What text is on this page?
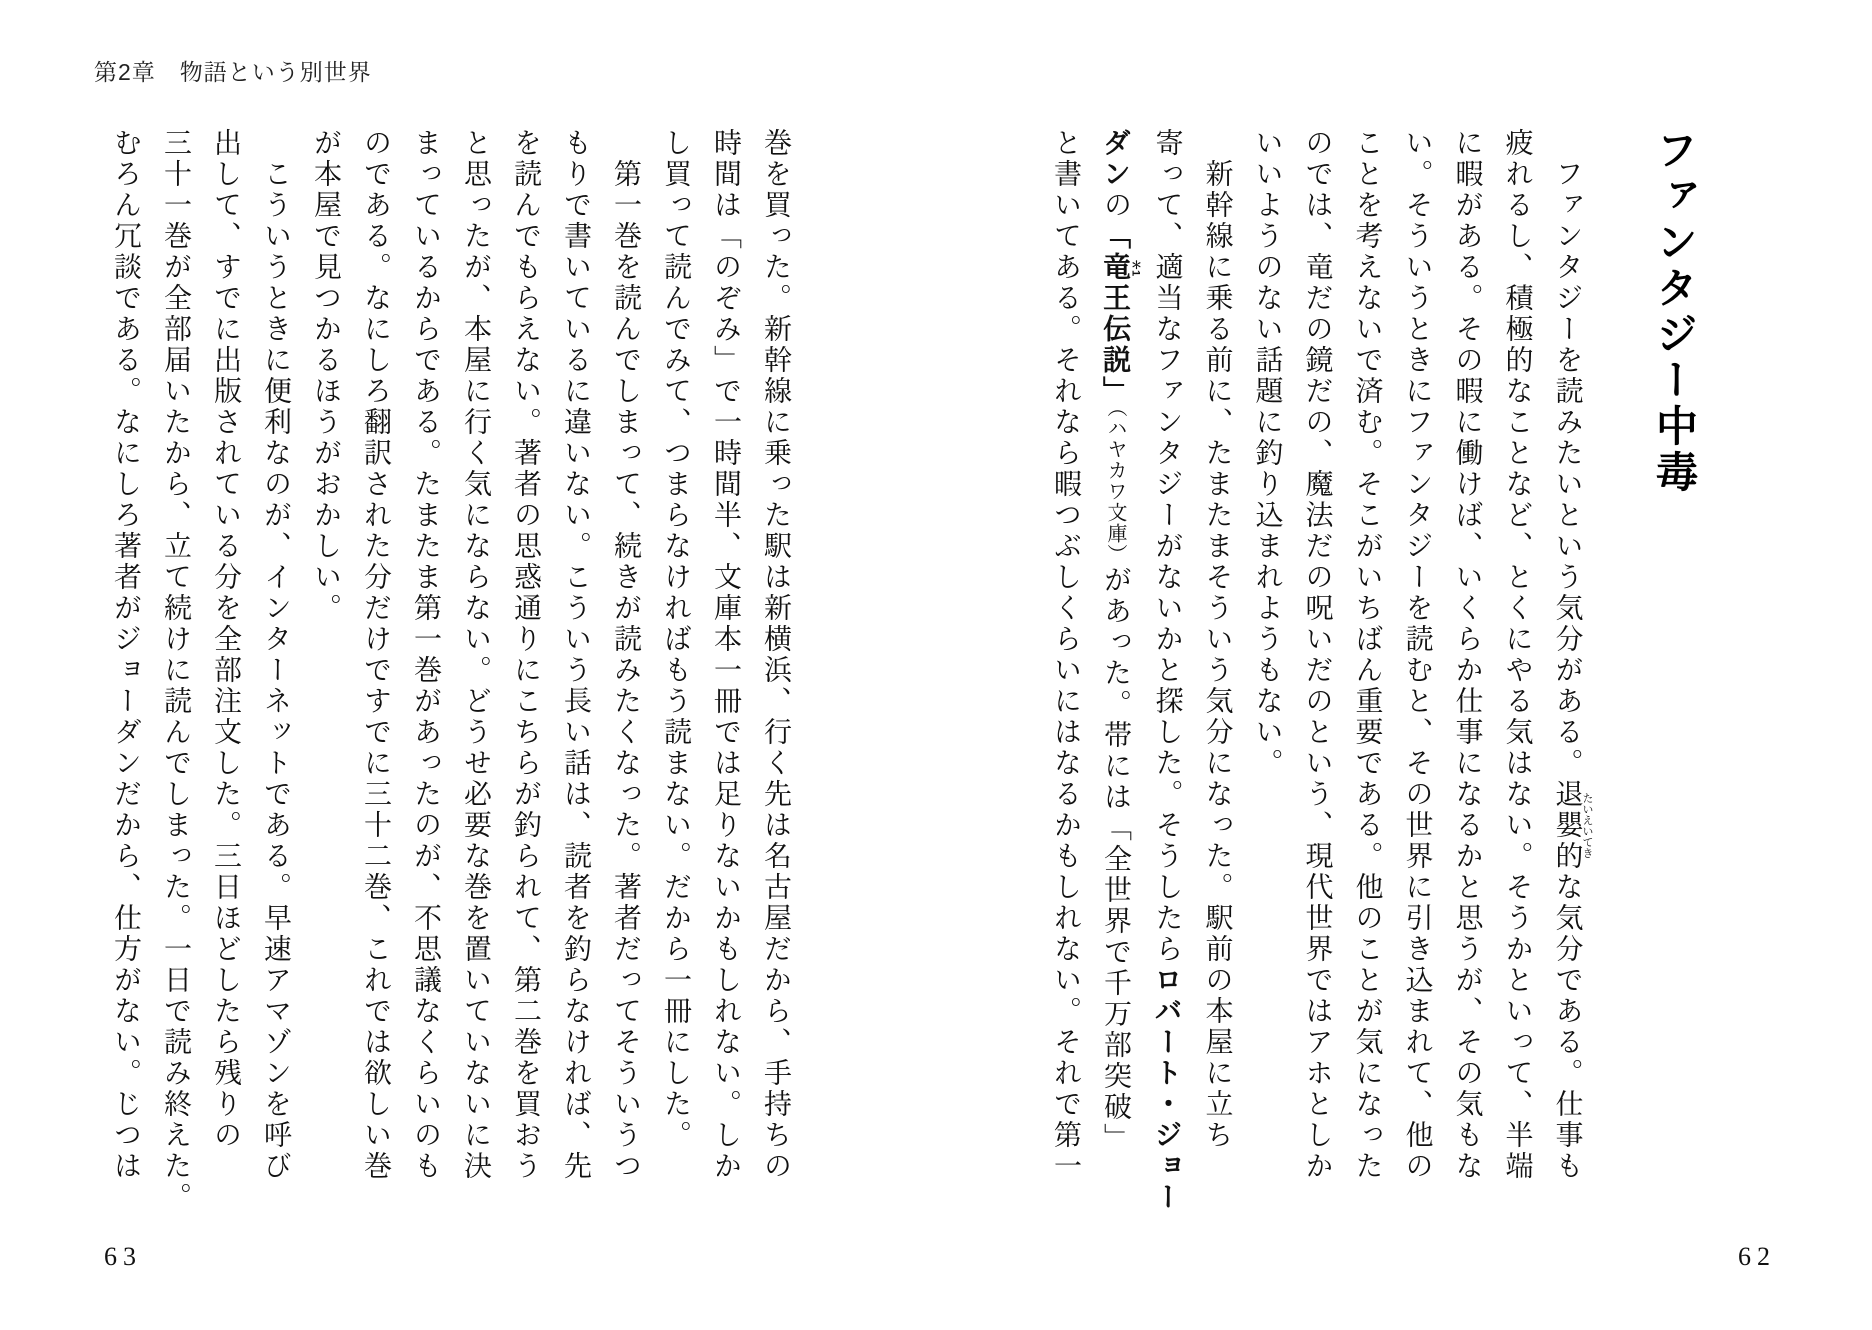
第2章　物語という別世界
ファンタジー中毒
　ファンタジーを読みたいという気分がある。退嬰的たいえいてきな気分である。仕事も
疲れるし、積極的なことなど、とくにやる気はない。そうかといって、半端
に暇がある。その暇に働けば、いくらか仕事になるかと思うが、その気もな
い。そういうときにファンタジーを読むと、その世界に引き込まれて、他の
ことを考えないで済む。そこがいちばん重要である。他のことが気になった
のでは、竜だの鏡だの、魔法だの呪いだのという、現代世界ではアホとしか
いいようのない話題に釣り込まれようもない。
　新幹線に乗る前に、たまたまそういう気分になった。駅前の本屋に立ち
寄って、適当なファンタジーがないかと探した。そうしたらロバート・ジョー
ダンの「竜＊1王伝説」（ハヤカワ文庫）があった。帯には「全世界で千万部突破」
と書いてある。それなら暇つぶしくらいにはなるかもしれない。それで第一
巻を買った。新幹線に乗った駅は新横浜、行く先は名古屋だから、手持ちの
時間は「のぞみ」で一時間半、文庫本一冊では足りないかもしれない。しか
し買って読んでみて、つまらなければもう読まない。だから一冊にした。
　第一巻を読んでしまって、続きが読みたくなった。著者だってそういうつ
もりで書いているに違いない。こういう長い話は、読者を釣らなければ、先
を読んでもらえない。著者の思惑通りにこちらが釣られて、第二巻を買おう
と思ったが、本屋に行く気にならない。どうせ必要な巻を置いていないに決
まっているからである。たまたま第一巻があったのが、不思議なくらいのも
のである。なにしろ翻訳された分だけですでに三十二巻、これでは欲しい巻
が本屋で見つかるほうがおかしい。
　こういうときに便利なのが、インターネットである。早速アマゾンを呼び
出して、すでに出版されている分を全部注文した。三日ほどしたら残りの
三十一巻が全部届いたから、立て続けに読んでしまった。一日で読み終えた。
むろん冗談である。なにしろ著者がジョーダンだから、仕方がない。じつは
62
63
